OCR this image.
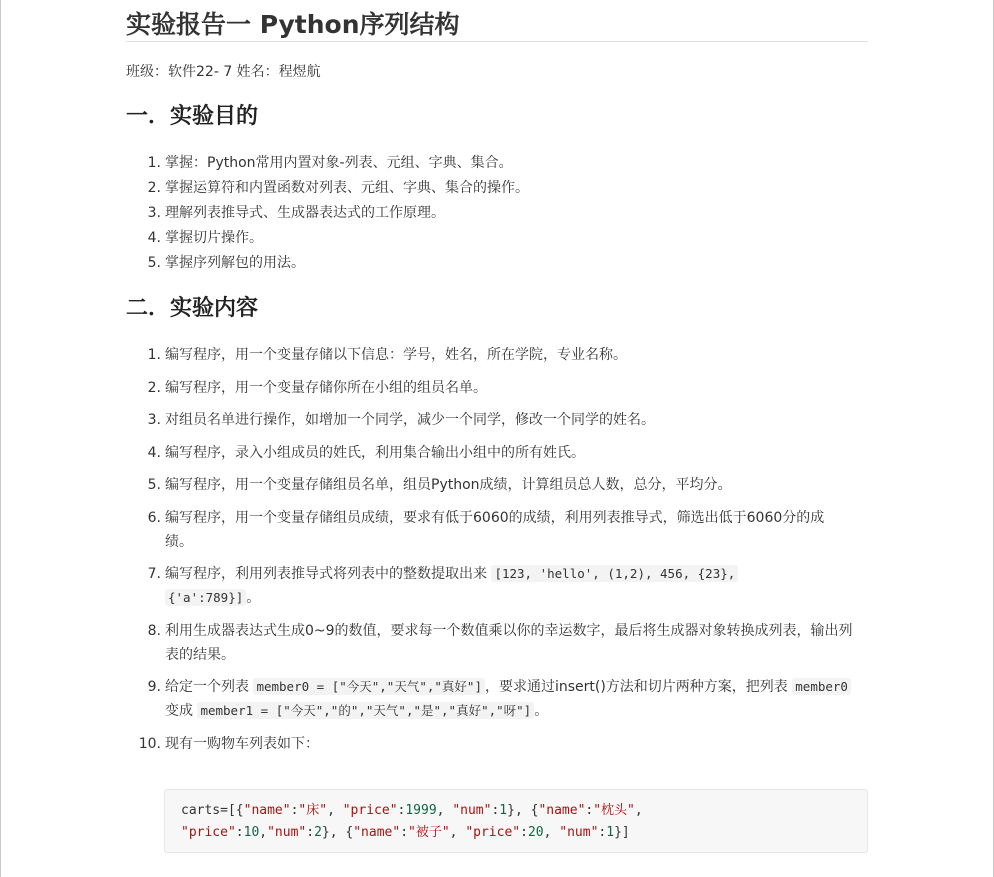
实验报告一 Python序列结构
班级：软件22- 7 姓名：程煜航
一．实验目的
1. 掌握：Python常用内置对象-列表、元组、字典、集合。
2. 掌握运算符和内置函数对列表、元组、字典、集合的操作。
3. 理解列表推导式、生成器表达式的工作原理。
4. 掌握切片操作。
5. 掌握序列解包的用法。
二．实验内容
1. 编写程序，用一个变量存储以下信息：学号，姓名，所在学院，专业名称。
2. 编写程序，用一个变量存储你所在小组的组员名单。
3. 对组员名单进行操作，如增加一个同学，减少一个同学，修改一个同学的姓名。
4. 编写程序，录入小组成员的姓氏，利用集合输出小组中的所有姓氏。
5. 编写程序，用一个变量存储组员名单，组员Python成绩，计算组员总人数，总分，平均分。
6. 编写程序，用一个变量存储组员成绩，要求有低于6060的成绩，利用列表推导式，筛选出低于6060分的成绩。
7. 编写程序，利用列表推导式将列表中的整数提取出来 [123, 'hello', (1,2), 456, {23},
{'a':789}] 。
8. 利用生成器表达式生成0~9的数值，要求每一个数值乘以你的幸运数字，最后将生成器对象转换成列表，输出列表的结果。
9. 给定一个列表 member0 = ["今天","天气","真好"] ，要求通过insert()方法和切片两种方案，把列表 member0 变成 member1 = ["今天","的","天气","是","真好","呀"] 。
10. 现有一购物车列表如下：
carts=[{"name":"床", "price":1999, "num":1}, {"name":"枕头",
"price":10,"num":2}, {"name":"被子", "price":20, "num":1}]
